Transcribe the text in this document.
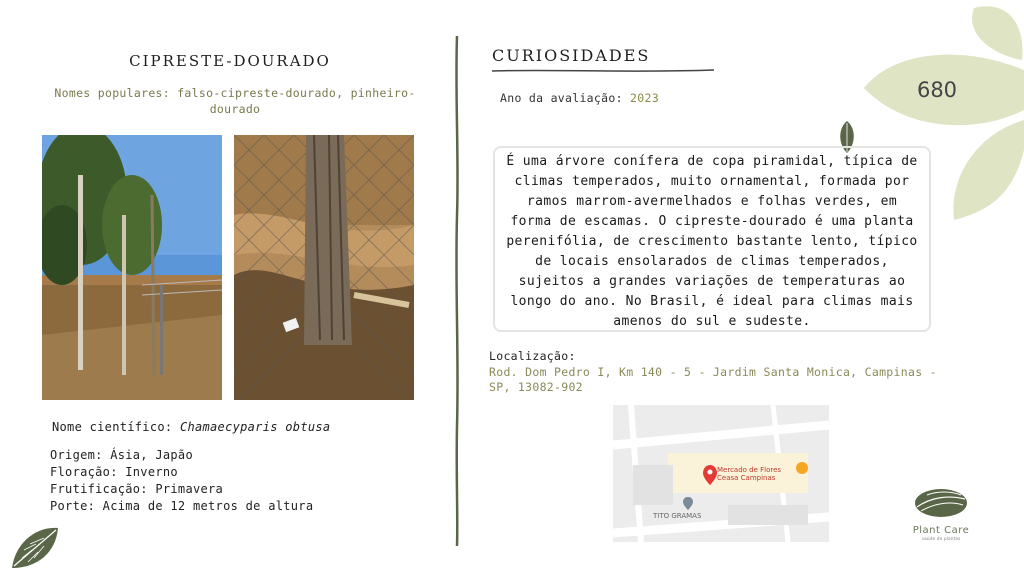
680
CIPRESTE-DOURADO
Nomes populares: falso-cipreste-dourado, pinheiro-dourado
Nome científico: Chamaecyparis obtusa
Origem: Ásia, Japão
Floração: Inverno
Frutificação: Primavera
Porte: Acima de 12 metros de altura
CURIOSIDADES
Ano da avaliação: 2023
É uma árvore conífera de copa piramidal, típica de climas temperados, muito ornamental, formada por ramos marrom-avermelhados e folhas verdes, em forma de escamas. O cipreste-dourado é uma planta perenifólia, de crescimento bastante lento, típico de locais ensolarados de climas temperados, sujeitos a grandes variações de temperaturas ao longo do ano. No Brasil, é ideal para climas mais amenos do sul e sudeste.
Localização:
Rod. Dom Pedro I, Km 140 - 5 - Jardim Santa Monica, Campinas - SP, 13082-902
Mercado de Flores
Ceasa Campinas
TITO GRAMAS
Plant Care
saúde de plantas
